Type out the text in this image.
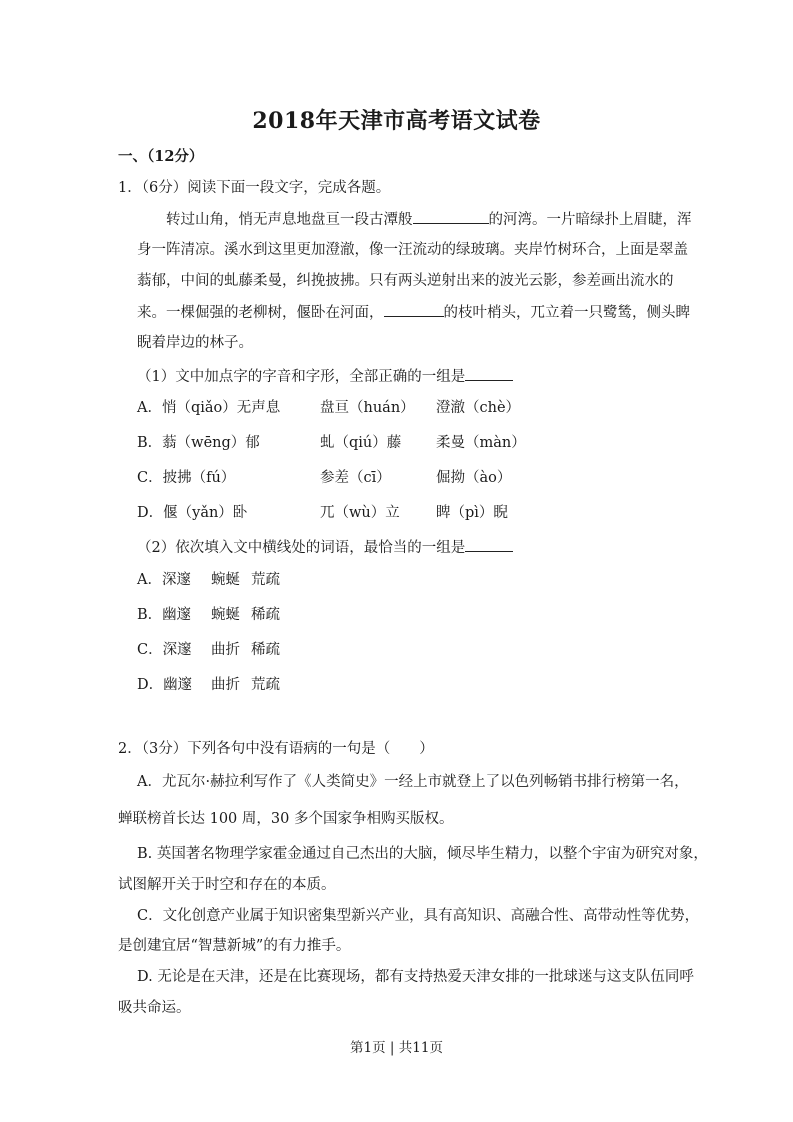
2018年天津市高考语文试卷
一、（12分）
1．（6分）阅读下面一段文字，完成各题。
转过山角，悄无声息地盘亘一段古潭般	的河湾。一片暗绿扑上眉睫，浑
身一阵清凉。溪水到这里更加澄澈，像一汪流动的绿玻璃。夹岸竹树环合，上面是翠盖
蓊郁，中间的虬藤柔曼，纠挽披拂。只有两头逆射出来的波光云影，参差画出流水的
来。一棵倔强的老柳树，偃卧在河面，	的枝叶梢头，兀立着一只鹭鸶，侧头睥
睨着岸边的林子。
（1）文中加点字的字音和字形，全部正确的一组是
A．悄（qiǎo）无声息	盘亘（huán） 澄澈（chè）
B．蓊（wēng）郁	虬（qiú）藤 柔曼（màn）
C．披拂（fú）	参差（cī）	倔拗（ào）
D．偃（yǎn）卧	兀（wù）立	睥（pì）睨
（2）依次填入文中横线处的词语，最恰当的一组是
A．深邃 蜿蜒 荒疏
B．幽邃 蜿蜒 稀疏
C．深邃 曲折 稀疏
D．幽邃 曲折 荒疏
2．（3分）下列各句中没有语病的一句是（　　）
A．尤瓦尔·赫拉利写作了《人类简史》一经上市就登上了以色列畅销书排行榜第一名，
蝉联榜首长达 100 周，30 多个国家争相购买版权。
B. 英国著名物理学家霍金通过自己杰出的大脑，倾尽毕生精力，以整个宇宙为研究对象，
试图解开关于时空和存在的本质。
C．文化创意产业属于知识密集型新兴产业，具有高知识、高融合性、高带动性等优势，
是创建宜居“智慧新城”的有力推手。
D. 无论是在天津，还是在比赛现场，都有支持热爱天津女排的一批球迷与这支队伍同呼
吸共命运。
第1页 | 共11页
